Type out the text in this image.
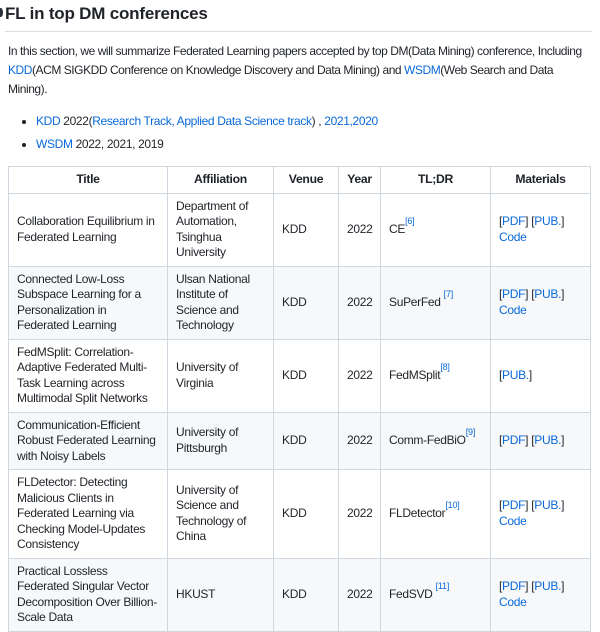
FL in top DM conferences

In this section, we will summarize Federated Learning papers accepted by top DM(Data Mining) conference, Including
KDD(ACM SIGKDD Conference on Knowledge Discovery and Data Mining) and WSDM(Web Search and Data Mining).

• KDD 2022(Research Track, Applied Data Science track) , 2021,2020
• WSDM 2022, 2021, 2019
Title	Affiliation	Venue	Year	TL;DR	Materials
Collaboration Equilibrium in Federated Learning	Department of Automation, Tsinghua University	KDD	2022	CE[6]	[PDF] [PUB.] Code
Connected Low-Loss Subspace Learning for a Personalization in Federated Learning	Ulsan National Institute of Science and Technology	KDD	2022	SuPerFed [7]	[PDF] [PUB.] Code
FedMSplit: Correlation-Adaptive Federated Multi-Task Learning across Multimodal Split Networks	University of Virginia	KDD	2022	FedMSplit[8]	[PUB.]
Communication-Efficient Robust Federated Learning with Noisy Labels	University of Pittsburgh	KDD	2022	Comm-FedBiO[9]	[PDF] [PUB.]
FLDetector: Detecting Malicious Clients in Federated Learning via Checking Model-Updates Consistency	University of Science and Technology of China	KDD	2022	FLDetector[10]	[PDF] [PUB.] Code
Practical Lossless Federated Singular Vector Decomposition Over Billion-Scale Data	HKUST	KDD	2022	FedSVD [11]	[PDF] [PUB.] Code
